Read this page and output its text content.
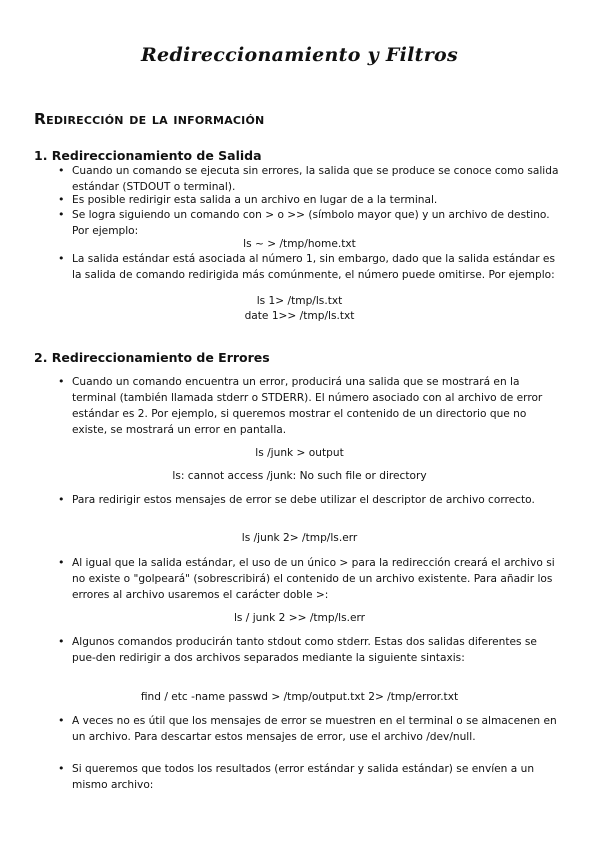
Redireccionamiento y Filtros
Redirección de la información
1. Redireccionamiento de Salida
• Cuando un comando se ejecuta sin errores, la salida que se produce se conoce como salida estándar (STDOUT o terminal).
• Es posible redirigir esta salida a un archivo en lugar de a la terminal.
• Se logra siguiendo un comando con > o >> (símbolo mayor que) y un archivo de destino. Por ejemplo:
ls ~ > /tmp/home.txt
• La salida estándar está asociada al número 1, sin embargo, dado que la salida estándar es la salida de comando redirigida más comúnmente, el número puede omitirse. Por ejemplo:
ls 1> /tmp/ls.txt
date 1>> /tmp/ls.txt
2. Redireccionamiento de Errores
• Cuando un comando encuentra un error, producirá una salida que se mostrará en la terminal (también llamada stderr o STDERR). El número asociado con al archivo de error estándar es 2. Por ejemplo, si queremos mostrar el contenido de un directorio que no existe, se mostrará un error en pantalla.
ls /junk > output
ls: cannot access /junk: No such file or directory
• Para redirigir estos mensajes de error se debe utilizar el descriptor de archivo correcto.
ls /junk 2> /tmp/ls.err
• Al igual que la salida estándar, el uso de un único > para la redirección creará el archivo si no existe o "golpeará" (sobrescribirá) el contenido de un archivo existente. Para añadir los errores al archivo usaremos el carácter doble >:
ls / junk 2 >> /tmp/ls.err
• Algunos comandos producirán tanto stdout como stderr. Estas dos salidas diferentes se pue-den redirigir a dos archivos separados mediante la siguiente sintaxis:
find / etc -name passwd > /tmp/output.txt 2> /tmp/error.txt
• A veces no es útil que los mensajes de error se muestren en el terminal o se almacenen en un archivo. Para descartar estos mensajes de error, use el archivo /dev/null.
• Si queremos que todos los resultados (error estándar y salida estándar) se envíen a un mismo archivo:
